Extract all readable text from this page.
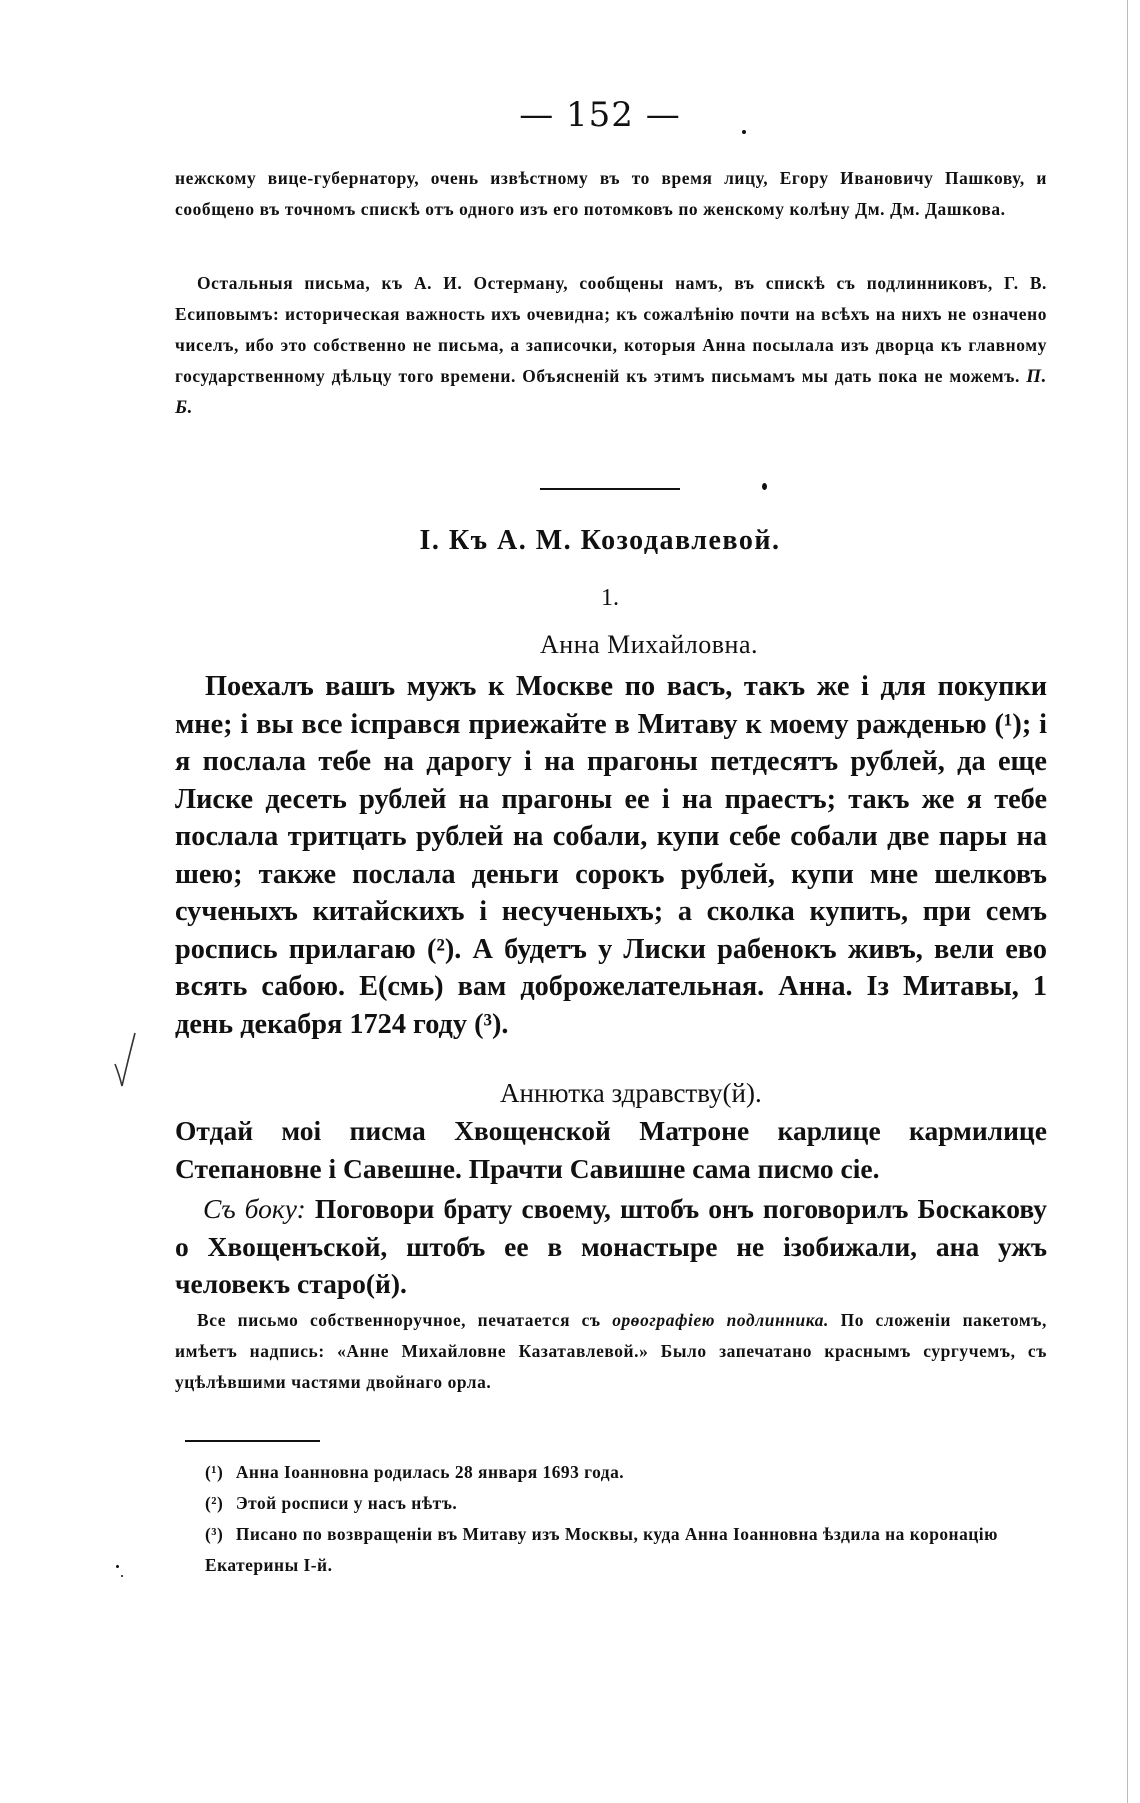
— 152 —

нежскому вице-губернатору, очень извѣстному въ то время лицу, Егору Ивановичу Пашкову, и сообщено въ точномъ спискѣ отъ одного изъ его потомковъ по женскому колѣну Дм. Дм. Дашкова.

Остальныя письма, къ А. И. Остерману, сообщены намъ, въ спискѣ съ подлинниковъ, Г. В. Есиповымъ: историческая важность ихъ очевидна; къ сожалѣнію почти на всѣхъ на нихъ не означено чиселъ, ибо это собственно не письма, а записочки, которыя Анна посылала изъ дворца къ главному государственному дѣльцу того времени. Объясненій къ этимъ письмамъ мы дать пока не можемъ. П. Б.

I. Къ А. М. Козодавлевой.
1.
Анна Михайловна.

Поехалъ вашъ мужъ к Москве по васъ, такъ же і для покупки мне; і вы все ісправся приежайте в Митаву к моему ражденью (¹); і я послала тебе на дарогу і на прагоны петдесятъ рублей, да еще Лиске десеть рублей на прагоны ее і на праестъ; такъ же я тебе послала тритцать рублей на собали, купи себе собали две пары на шею; также послала деньги сорокъ рублей, купи мне шелковъ сученыхъ китайскихъ і несученыхъ; а сколка купить, при семъ роспись прилагаю (²). А будетъ у Лиски рабенокъ живъ, вели ево всять сабою. Е(смь) вам доброжелательная. Анна. Із Митавы, 1 день декабря 1724 году (³).

Аннютка здравству(й).

Отдай моі писма Хвощенской Матроне карлице кармилице Степановне і Савешне. Прачти Савишне сама писмо сіе.

Съ боку: Поговори брату своему, штобъ онъ поговорилъ Боскакову о Хвощенъской, штобъ ее в монастыре не ізобижали, ана ужъ человекъ старо(й).

Все письмо собственноручное, печатается съ орѳографіею подлинника. По сложеніи пакетомъ, имѣетъ надпись: «Анне Михайловне Казатавлевой.» Было запечатано краснымъ сургучемъ, съ уцѣлѣвшими частями двойнаго орла.

(¹) Анна Іоанновна родилась 28 января 1693 года.

(²) Этой росписи у насъ нѣтъ.

(³) Писано по возвращеніи въ Митаву изъ Москвы, куда Анна Іоанновна ѣздила на коронацію Екатерины І-й.
